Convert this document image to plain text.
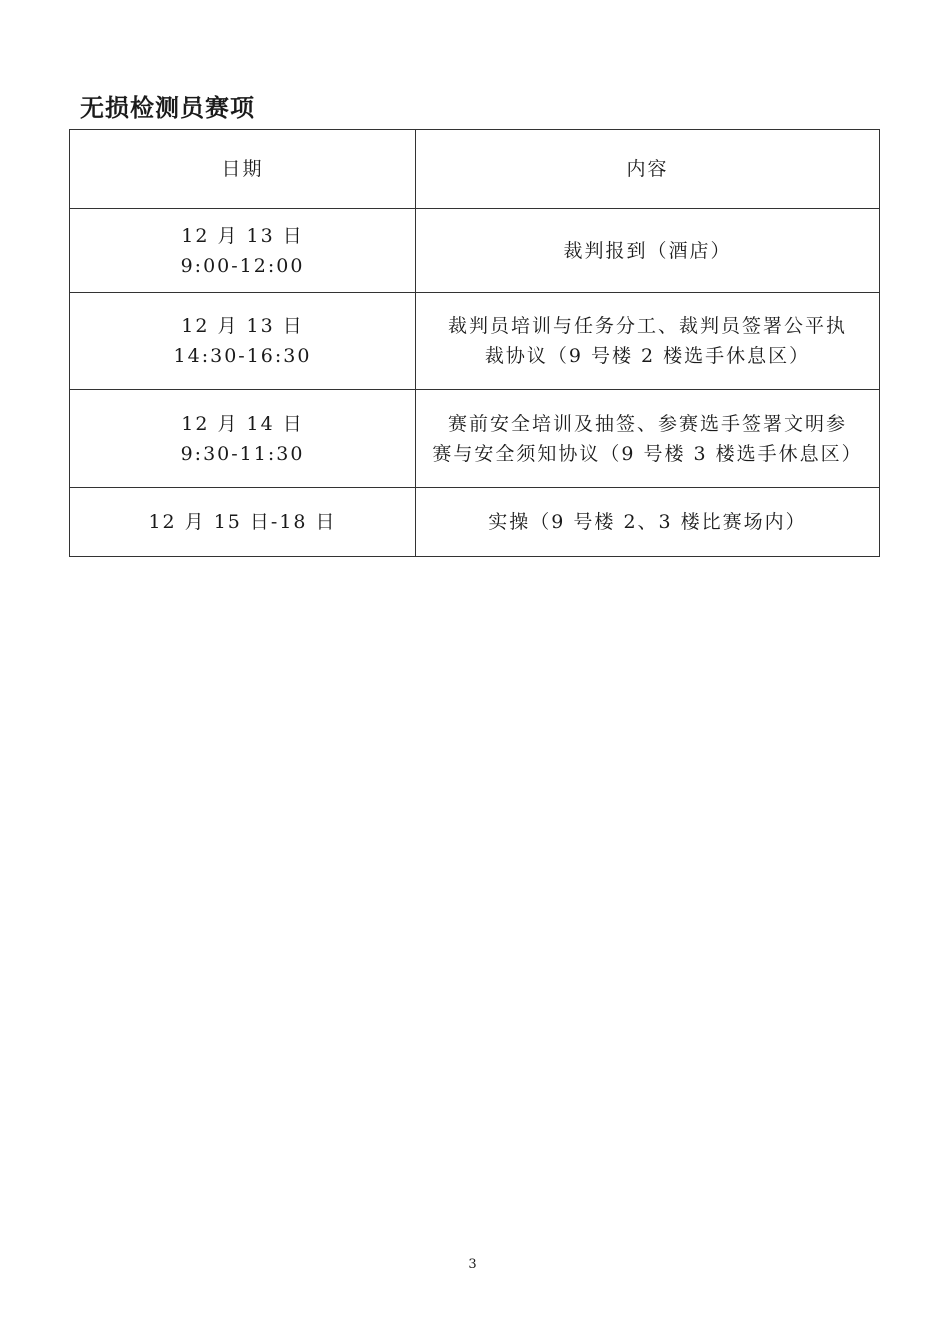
无损检测员赛项
日期	内容

12 月 13 日
9:00-12:00	裁判报到（酒店）

12 月 13 日
14:30-16:30	裁判员培训与任务分工、裁判员签署公平执
裁协议（9 号楼 2 楼选手休息区）

12 月 14 日
9:30-11:30	赛前安全培训及抽签、参赛选手签署文明参
赛与安全须知协议（9 号楼 3 楼选手休息区）

12 月 15 日-18 日	实操（9 号楼 2、3 楼比赛场内）
3
